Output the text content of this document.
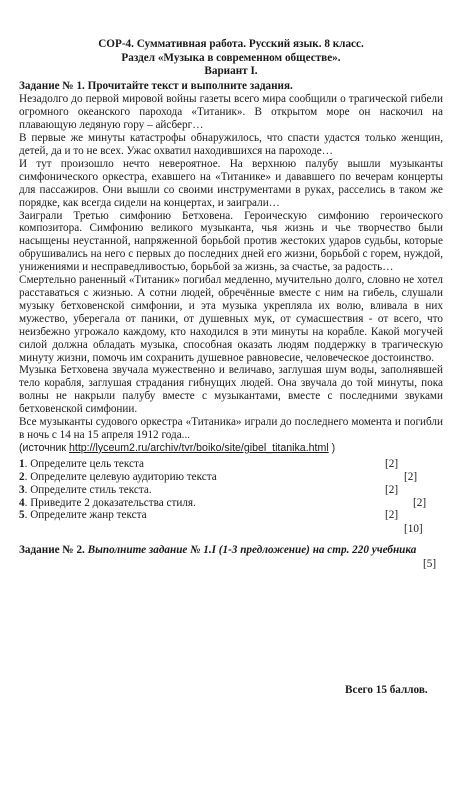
СОР-4. Суммативная работа. Русский язык. 8 класс.
Раздел «Музыка в современном обществе».
Вариант I.
Задание № 1. Прочитайте текст и выполните задания.

Незадолго до первой мировой войны газеты всего мира сообщили о трагической гибели огромного океанского парохода «Титаник». В открытом море он наскочил на плавающую ледяную гору – айсберг…

В первые же минуты катастрофы обнаружилось, что спасти удастся только женщин, детей, да и то не всех. Ужас охватил находившихся на пароходе…

И тут произошло нечто невероятное. На верхнюю палубу вышли музыканты симфонического оркестра, ехавшего на «Титанике» и дававшего по вечерам концерты для пассажиров. Они вышли со своими инструментами в руках, расселись в таком же порядке, как всегда сидели на концертах, и заиграли…

Заиграли Третью симфонию Бетховена. Героическую симфонию героического композитора. Симфонию великого музыканта, чья жизнь и чье творчество были насыщены неустанной, напряженной борьбой против жестоких ударов судьбы, которые обрушивались на него с первых до последних дней его жизни, борьбой с горем, нуждой, унижениями и несправедливостью, борьбой за жизнь, за счастье, за радость…

Смертельно раненный «Титаник» погибал медленно, мучительно долго, словно не хотел расставаться с жизнью. А сотни людей, обречённые вместе с ним на гибель, слушали музыку бетховенской симфонии, и эта музыка укрепляла их волю, вливала в них мужество, уберегала от паники, от душевных мук, от сумасшествия - от всего, что неизбежно угрожало каждому, кто находился в эти минуты на корабле. Какой могучей силой должна обладать музыка, способная оказать людям поддержку в трагическую минуту жизни, помочь им сохранить душевное равновесие, человеческое достоинство.

Музыка Бетховена звучала мужественно и величаво, заглушая шум воды, заполнявшей тело корабля, заглушая страдания гибнущих людей. Она звучала до той минуты, пока волны не накрыли палубу вместе с музыкантами, вместе с последними звуками бетховенской симфонии.

Все музыканты судового оркестра «Титаника» играли до последнего момента и погибли в ночь с 14 на 15 апреля 1912 года...

(источник http://lyceum2.ru/archiv/tvr/boiko/site/gibel_titanika.html )

1. Определите цель текста	[2]
2. Определите целевую аудиторию текста	[2]
3. Определите стиль текста.	[2]
4. Приведите 2 доказательства стиля.	[2]
5. Определите жанр текста	[2]
[10]
Задание № 2. Выполните задание № 1.I (1-3 предложение) на стр. 220 учебника
[5]
Всего 15 баллов.
